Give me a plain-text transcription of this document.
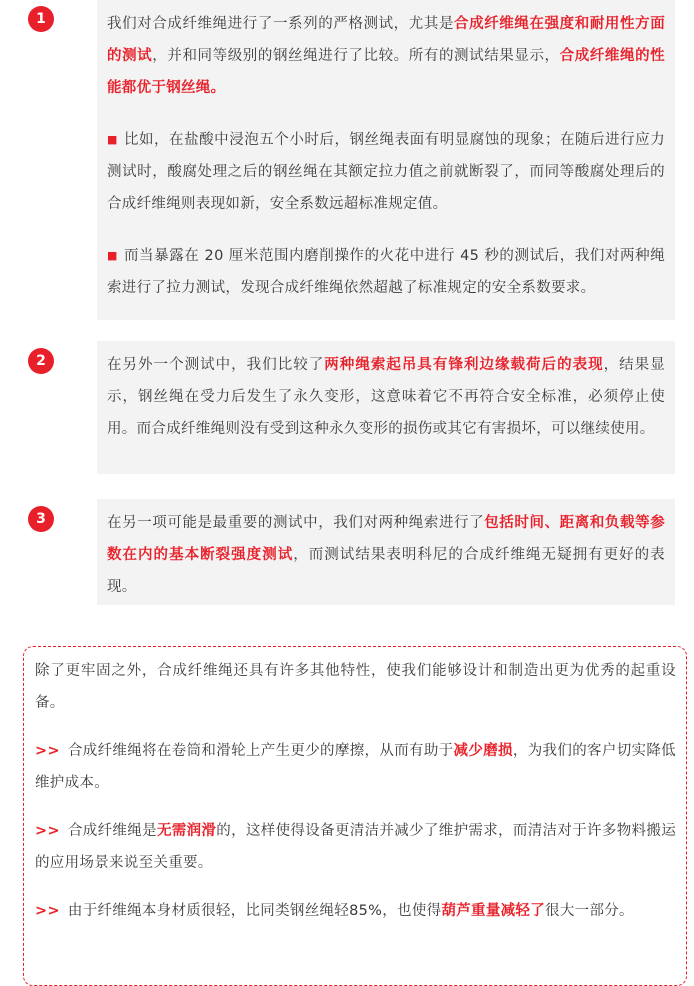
1	我们对合成纤维绳进行了一系列的严格测试，尤其是合成纤维绳在强度和耐用性方面的测试，并和同等级别的钢丝绳进行了比较。所有的测试结果显示，合成纤维绳的性能都优于钢丝绳。

■ 比如，在盐酸中浸泡五个小时后，钢丝绳表面有明显腐蚀的现象；在随后进行应力测试时，酸腐处理之后的钢丝绳在其额定拉力值之前就断裂了，而同等酸腐处理后的合成纤维绳则表现如新，安全系数远超标准规定值。

■ 而当暴露在 20 厘米范围内磨削操作的火花中进行 45 秒的测试后，我们对两种绳索进行了拉力测试，发现合成纤维绳依然超越了标准规定的安全系数要求。

2	在另外一个测试中，我们比较了两种绳索起吊具有锋利边缘载荷后的表现，结果显示，钢丝绳在受力后发生了永久变形，这意味着它不再符合安全标准，必须停止使用。而合成纤维绳则没有受到这种永久变形的损伤或其它有害损坏，可以继续使用。

3	在另一项可能是最重要的测试中，我们对两种绳索进行了包括时间、距离和负载等参数在内的基本断裂强度测试，而测试结果表明科尼的合成纤维绳无疑拥有更好的表现。

除了更牢固之外，合成纤维绳还具有许多其他特性，使我们能够设计和制造出更为优秀的起重设备。

>> 合成纤维绳将在卷筒和滑轮上产生更少的摩擦，从而有助于减少磨损，为我们的客户切实降低维护成本。

>> 合成纤维绳是无需润滑的，这样使得设备更清洁并减少了维护需求，而清洁对于许多物料搬运的应用场景来说至关重要。

>> 由于纤维绳本身材质很轻，比同类钢丝绳轻85%，也使得葫芦重量减轻了很大一部分。
